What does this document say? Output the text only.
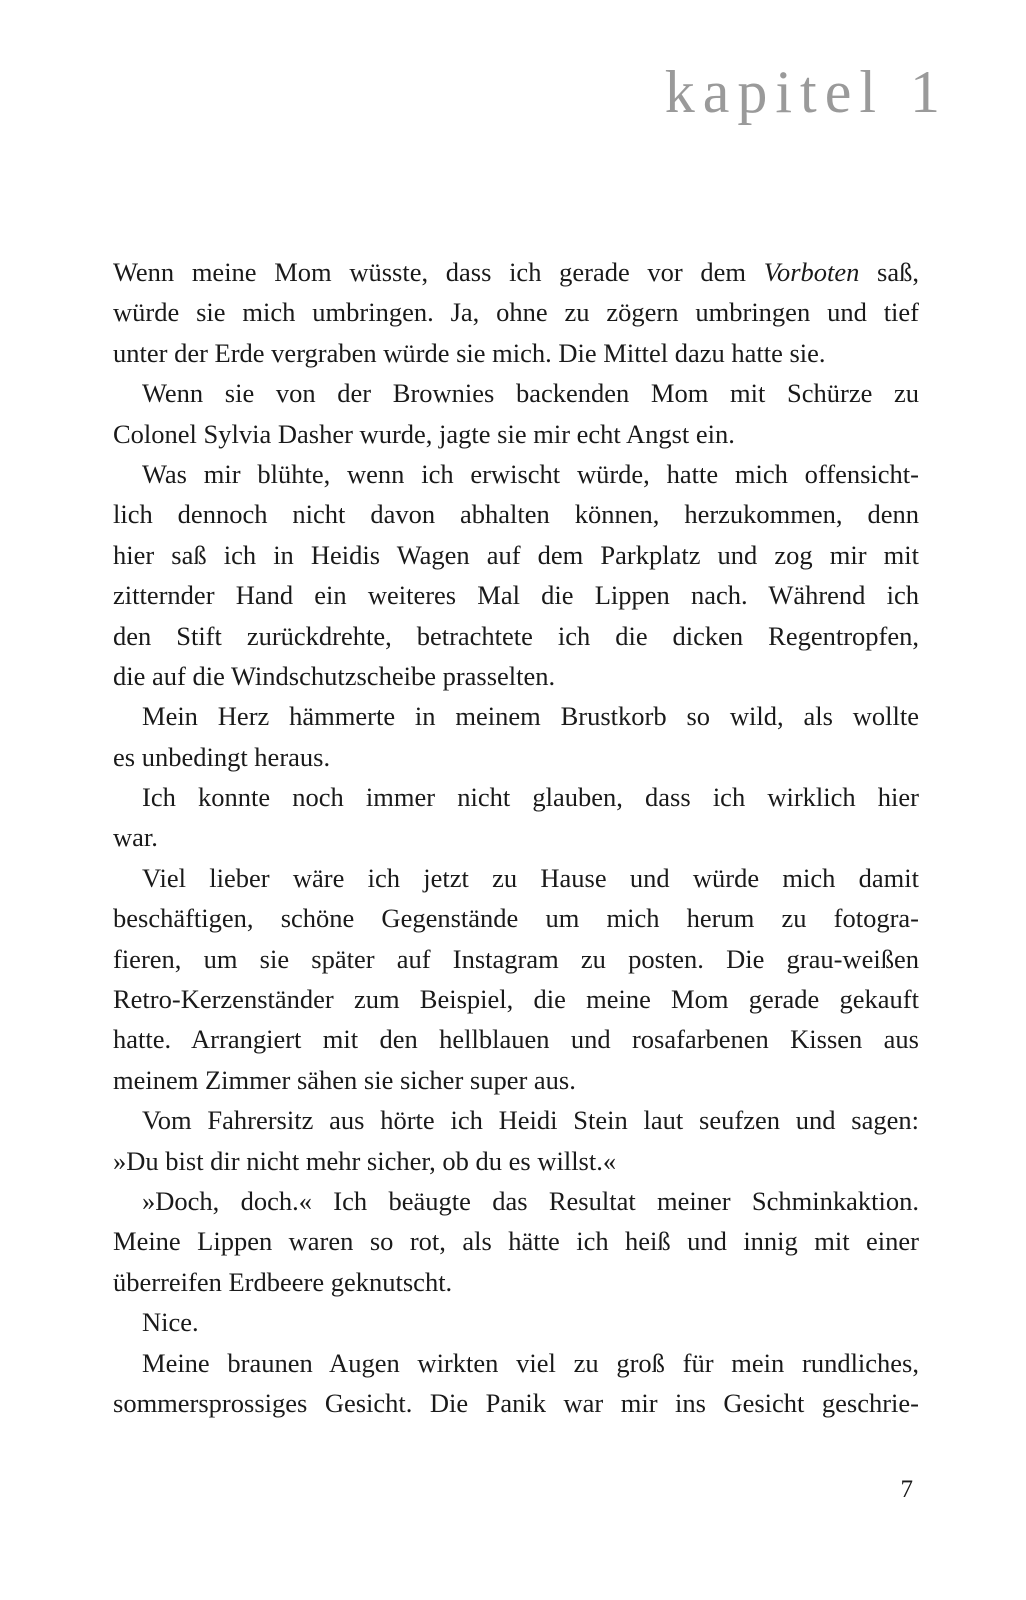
kapitel 1
Wenn meine Mom wüsste, dass ich gerade vor dem Vorboten saß,
würde sie mich umbringen. Ja, ohne zu zögern umbringen und tief
unter der Erde vergraben würde sie mich. Die Mittel dazu hatte sie.
Wenn sie von der Brownies backenden Mom mit Schürze zu
Colonel Sylvia Dasher wurde, jagte sie mir echt Angst ein.
Was mir blühte, wenn ich erwischt würde, hatte mich offensicht-
lich dennoch nicht davon abhalten können, herzukommen, denn
hier saß ich in Heidis Wagen auf dem Parkplatz und zog mir mit
zitternder Hand ein weiteres Mal die Lippen nach. Während ich
den Stift zurückdrehte, betrachtete ich die dicken Regentropfen,
die auf die Windschutzscheibe prasselten.
Mein Herz hämmerte in meinem Brustkorb so wild, als wollte
es unbedingt heraus.
Ich konnte noch immer nicht glauben, dass ich wirklich hier
war.
Viel lieber wäre ich jetzt zu Hause und würde mich damit
beschäftigen, schöne Gegenstände um mich herum zu fotogra-
fieren, um sie später auf Instagram zu posten. Die grau-weißen
Retro-Kerzenständer zum Beispiel, die meine Mom gerade gekauft
hatte. Arrangiert mit den hellblauen und rosafarbenen Kissen aus
meinem Zimmer sähen sie sicher super aus.
Vom Fahrersitz aus hörte ich Heidi Stein laut seufzen und sagen:
»Du bist dir nicht mehr sicher, ob du es willst.«
»Doch, doch.« Ich beäugte das Resultat meiner Schminkaktion.
Meine Lippen waren so rot, als hätte ich heiß und innig mit einer
überreifen Erdbeere geknutscht.
Nice.
Meine braunen Augen wirkten viel zu groß für mein rundliches,
sommersprossiges Gesicht. Die Panik war mir ins Gesicht geschrie-
7
